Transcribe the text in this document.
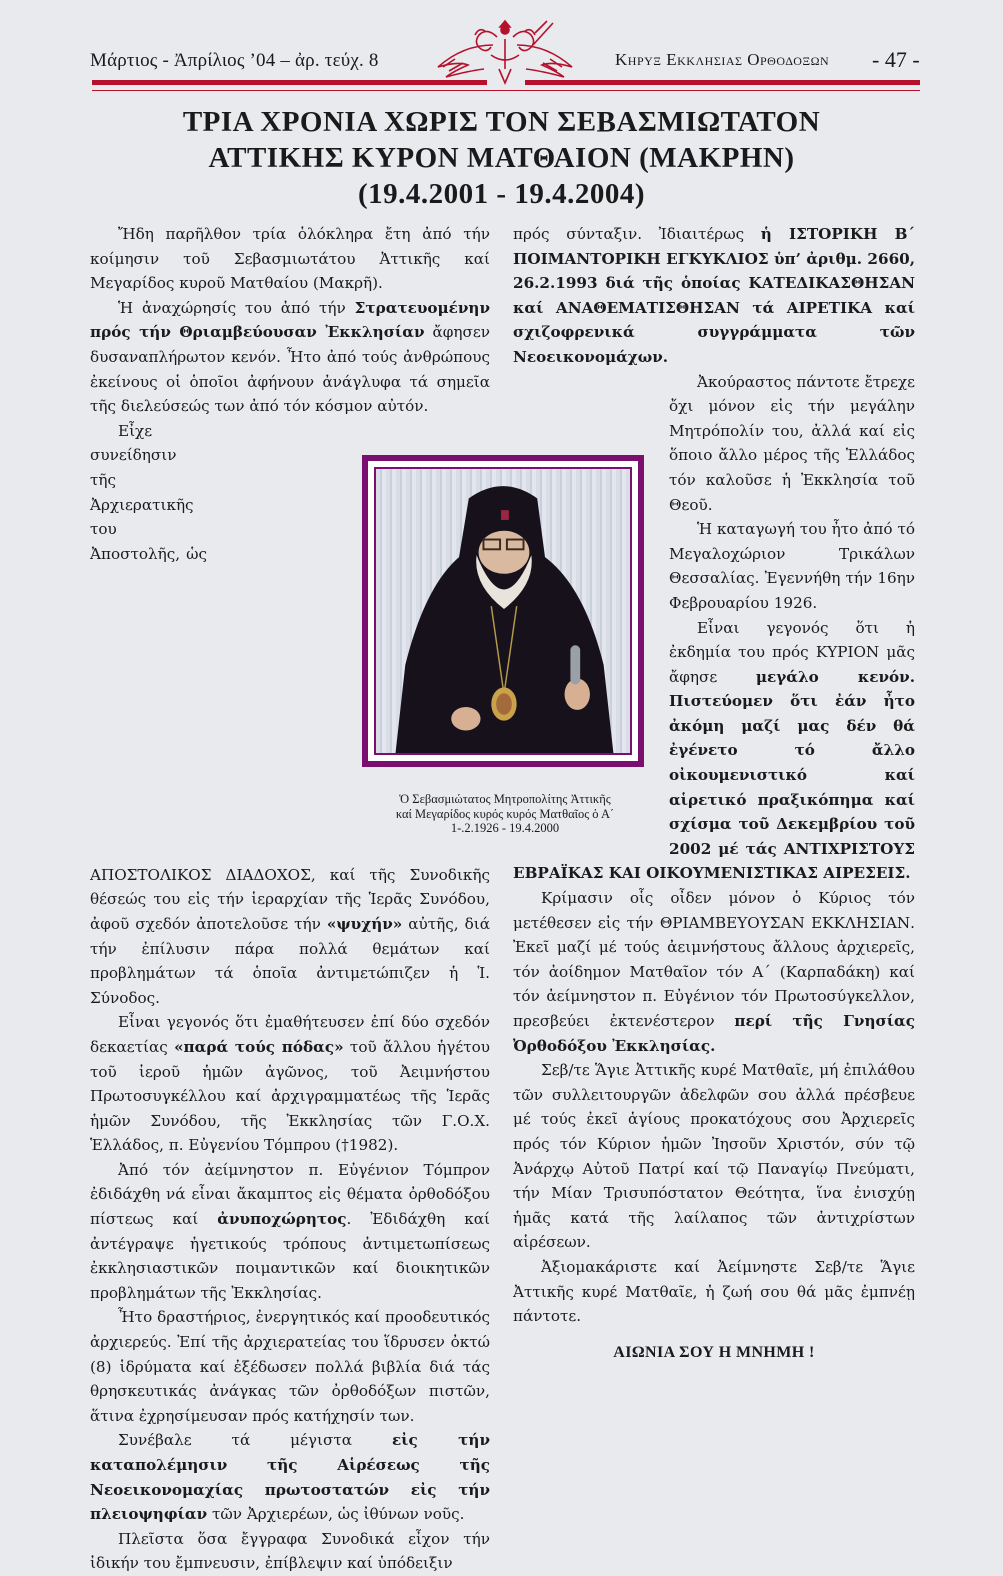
Μάρτιος - Ἀπρίλιος ’04 – ἀρ. τεύχ. 8	Κηρυξ Εκκλησιας Ορθοδοξων - 47 -
ΤΡΙΑ ΧΡΟΝΙΑ ΧΩΡΙΣ ΤΟΝ ΣΕΒΑΣΜΙΩΤΑΤΟΝ
ΑΤΤΙΚΗΣ ΚΥΡΟΝ ΜΑΤΘΑΙΟΝ (ΜΑΚΡΗΝ)
(19.4.2001 - 19.4.2004)

Ἤδη παρῆλθον τρία ὁλόκληρα ἔτη ἀπό τήν κοίμησιν τοῦ Σεβασμιωτάτου Ἀττικῆς καί Μεγαρίδος κυροῦ Ματθαίου (Μακρῆ).

Ἡ ἀναχώρησίς του ἀπό τήν Στρατευομένην πρός τήν Θριαμβεύουσαν Ἐκκλησίαν ἄφησεν δυσαναπλήρωτον κενόν. Ἦτο ἀπό τούς ἀνθρώπους ἐκείνους οἱ ὁποῖοι ἀφήνουν ἀνάγλυφα τά σημεῖα τῆς διελεύσεώς των ἀπό τόν κόσμον αὐτόν.

Εἶχε συνείδησιν τῆς Ἀρχιερατικῆς του Ἀποστολῆς, ὡς ΑΠΟΣΤΟΛΙΚΟΣ ΔΙΑΔΟΧΟΣ, καί τῆς Συνοδικῆς θέσεώς του εἰς τήν ἱεραρχίαν τῆς Ἱερᾶς Συνόδου, ἀφοῦ σχεδόν ἀποτελοῦσε τήν «ψυχήν» αὐτῆς, διά τήν ἐπίλυσιν πάρα πολλά θεμάτων καί προβλημάτων τά ὁποῖα ἀντιμετώπιζεν ἡ Ἱ. Σύνοδος.

Εἶναι γεγονός ὅτι ἐμαθήτευσεν ἐπί δύο σχεδόν δεκαετίας «παρά τούς πόδας» τοῦ ἄλλου ἡγέτου τοῦ ἱεροῦ ἡμῶν ἀγῶνος, τοῦ Ἀειμνήστου Πρωτοσυγκέλλου καί ἀρχιγραμματέως τῆς Ἱερᾶς ἡμῶν Συνόδου, τῆς Ἐκκλησίας τῶν Γ.Ο.Χ. Ἑλλάδος, π. Εὐγενίου Τόμπρου (†1982).

Ἀπό τόν ἀείμνηστον π. Εὐγένιον Τόμπρον ἐδιδάχθη νά εἶναι ἄκαμπτος εἰς θέματα ὀρθοδόξου πίστεως καί ἀνυποχώρητος. Ἐδιδάχθη καί ἀντέγραψε ἡγετικούς τρόπους ἀντιμετωπίσεως ἐκκλησιαστικῶν ποιμαντικῶν καί διοικητικῶν προβλημάτων τῆς Ἐκκλησίας.

Ἦτο δραστήριος, ἐνεργητικός καί προοδευτικός ἀρχιερεύς. Ἐπί τῆς ἀρχιερατείας του ἵδρυσεν ὀκτώ (8) ἱδρύματα καί ἐξέδωσεν πολλά βιβλία διά τάς θρησκευτικάς ἀνάγκας τῶν ὀρθοδόξων πιστῶν, ἅτινα ἐχρησίμευσαν πρός κατήχησίν των.

Συνέβαλε τά μέγιστα εἰς τήν καταπολέμησιν τῆς Αἱρέσεως τῆς Νεοεικονομαχίας πρωτοστατών εἰς τήν πλειοψηφίαν τῶν Ἀρχιερέων, ὡς ἰθύνων νοῦς.

Πλεῖστα ὅσα ἔγγραφα Συνοδικά εἶχον τήν ἰδικήν του ἔμπνευσιν, ἐπίβλεψιν καί ὑπόδειξιν

πρός σύνταξιν. Ἰδιαιτέρως ἡ ΙΣΤΟΡΙΚΗ Β΄ ΠΟΙΜΑΝΤΟΡΙΚΗ ΕΓΚΥΚΛΙΟΣ ὑπ’ ἀριθμ. 2660, 26.2.1993 διά τῆς ὁποίας ΚΑΤΕΔΙΚΑΣΘΗΣΑΝ καί ΑΝΑΘΕΜΑΤΙΣΘΗΣΑΝ τά ΑΙΡΕΤΙΚΑ καί σχιζοφρενικά συγγράμματα τῶν Νεοεικονομάχων.

Ἀκούραστος πάντοτε ἔτρεχε ὄχι μόνον εἰς τήν μεγάλην Μητρόπολίν του, ἀλλά καί εἰς ὅποιο ἄλλο μέρος τῆς Ἑλλάδος τόν καλοῦσε ἡ Ἐκκλησία τοῦ Θεοῦ.

Ἡ καταγωγή του ἦτο ἀπό τό Μεγαλοχώριον Τρικάλων Θεσσαλίας. Ἐγεννήθη τήν 16ην Φεβρουαρίου 1926.

Εἶναι γεγονός ὅτι ἡ ἐκδημία του πρός ΚΥΡΙΟΝ μᾶς ἄφησε μεγάλο κενόν. Πιστεύομεν ὅτι ἐάν ἦτο ἀκόμη μαζί μας δέν θά ἐγένετο τό ἄλλο οἰκουμενιστικό καί αἱρετικό πραξικόπημα καί σχίσμα τοῦ Δεκεμβρίου τοῦ 2002 μέ τάς ΑΝΤΙΧΡΙΣΤΟΥΣ ΕΒΡΑΪΚΑΣ ΚΑΙ ΟΙΚΟΥΜΕΝΙΣΤΙΚΑΣ ΑΙΡΕΣΕΙΣ.

Κρίμασιν οἷς οἶδεν μόνον ὁ Κύριος τόν μετέθεσεν εἰς τήν ΘΡΙΑΜΒΕΥΟΥΣΑΝ ΕΚΚΛΗΣΙΑΝ. Ἐκεῖ μαζί μέ τούς ἀειμνήστους ἄλλους ἀρχιερεῖς, τόν ἀοίδημον Ματθαῖον τόν Α΄ (Καρπαδάκη) καί τόν ἀείμνηστον π. Εὐγένιον τόν Πρωτοσύγκελλον, πρεσβεύει ἐκτενέστερον περί τῆς Γνησίας Ὀρθοδόξου Ἐκκλησίας.

Σεβ/τε Ἅγιε Ἀττικῆς κυρέ Ματθαῖε, μή ἐπιλάθου τῶν συλλειτουργῶν ἀδελφῶν σου ἀλλά πρέσβευε μέ τούς ἐκεῖ ἁγίους προκατόχους σου Ἀρχιερεῖς πρός τόν Κύριον ἡμῶν Ἰησοῦν Χριστόν, σύν τῷ Ἀνάρχῳ Αὐτοῦ Πατρί καί τῷ Παναγίῳ Πνεύματι, τήν Μίαν Τρισυπόστατον Θεότητα, ἵνα ἐνισχύῃ ἡμᾶς κατά τῆς λαίλαπος τῶν ἀντιχρίστων αἱρέσεων.

Ἀξιομακάριστε καί Ἀείμνηστε Σεβ/τε Ἅγιε Ἀττικῆς κυρέ Ματθαῖε, ἡ ζωή σου θά μᾶς ἐμπνέῃ πάντοτε.

ΑΙΩΝΙΑ ΣΟΥ Η ΜΝΗΜΗ !

Ὁ Σεβασμιώτατος Μητροπολίτης Ἀττικῆς
καί Μεγαρίδος κυρός κυρός Ματθαῖος ὁ Α΄
1-.2.1926 - 19.4.2000
